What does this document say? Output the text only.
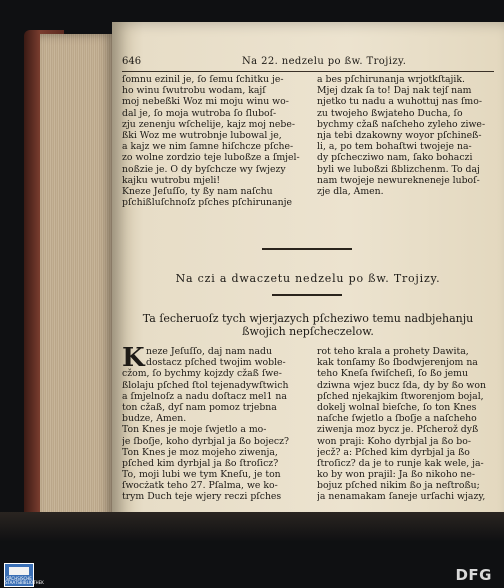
646	Na 22. nedzelu po ßw. Trojizy.
ſomnu ezinil je, ſo ſemu ſchitku je-
ho winu ſwutrobu wodam, kajſ
moj nebeßki Woz mi moju winu wo-
dal je, ſo moja wutroba ſo ſluboſ-
zju zenenju wſchelije, kajz moj nebe-
ßki Woz me wutrobnje lubowal je,
a kajz we nim ſamne hiſchcze pſche-
zo wolne zordzio teje luboßze a ſmjel-
noßzie je. O dy byſchcze wy ſwjezy
kajku wutrobu mjeli!
Kneze Jeſuſſo, ty ßy nam naſchu
pſchißluſchnoſz pſches pſchirunanje
a bes pſchirunanja wrjotkſtajik.
Mjej dzak ſa to! Daj nak tejſ nam
njetko tu nadu a wuhottuj nas ſmo-
zu twojeho ßwjateho Ducha, ſo
bychmy cžaß naſcheho zyleho ziwe-
nja tebi dzakowny woyor pſchineß-
li, a, po tem bohaſtwi twojeje na-
dy pſchecziwo nam, ſako bohaczi
byli we luboßzi ßblizchenm. To daj
nam twojeje newurekneneje luboſ-
zje dla, Amen.
Na czi a dwaczetu nedzelu po ßw. Trojizy.
Ta ſecheruoſz tych wjerjazych pſcheziwo temu nadbjehanju
ßwojich nepſcheczelow.
K neze Jeſuſſo, daj nam nadu
dostacz pſched twojim woble-
cžom, ſo bychmy kojzdy cžaß ſwe-
ßlolaju pſched ſtol tejenadywſtwich
a ſmjelnoſz a nadu doſtacz mel1 na
ton cžaß, dyſ nam pomoz trjebna
budze, Amen.
Ton Knes je moje ſwjetlo a mo-
je ſboſje, koho dyrbjal ja ßo bojecz?
Ton Knes je moz mojeho ziwenja,
pſched kim dyrbjal ja ßo ſtroſicz?
To, moji lubi we tym Kneſu, je ton
ſwocżatk teho 27. Pſalma, we ko-
trym Duch teje wjery reczi pſches
rot teho krala a prohety Dawita,
kak tonſamy ßo ſbodwjerenjom na
teho Kneſa ſwiſcheſi, ſo ßo jemu
dziwna wjez bucz ſda, dy by ßo won
pſched njekajkim ſtworenjom bojal,
dokelj wolnal bieſche, ſo ton Knes
naſche ſwjetlo a ſboſje a naſcheho
ziwenja moz bycz je. Pſcherož dyß
won praji: Koho dyrbjal ja ßo bo-
jecž? a: Pſched kim dyrbjal ja ßo
ſtroſicz? da je to runje kak wele, ja-
ko by won prajil: Ja ßo nikoho ne-
bojuz pſched nikim ßo ja neſtroßu;
ja nenamakam ſaneje urſachi wjazy,
SÄCHSISCHE STAATSBIBLIOTHEK	DFG
